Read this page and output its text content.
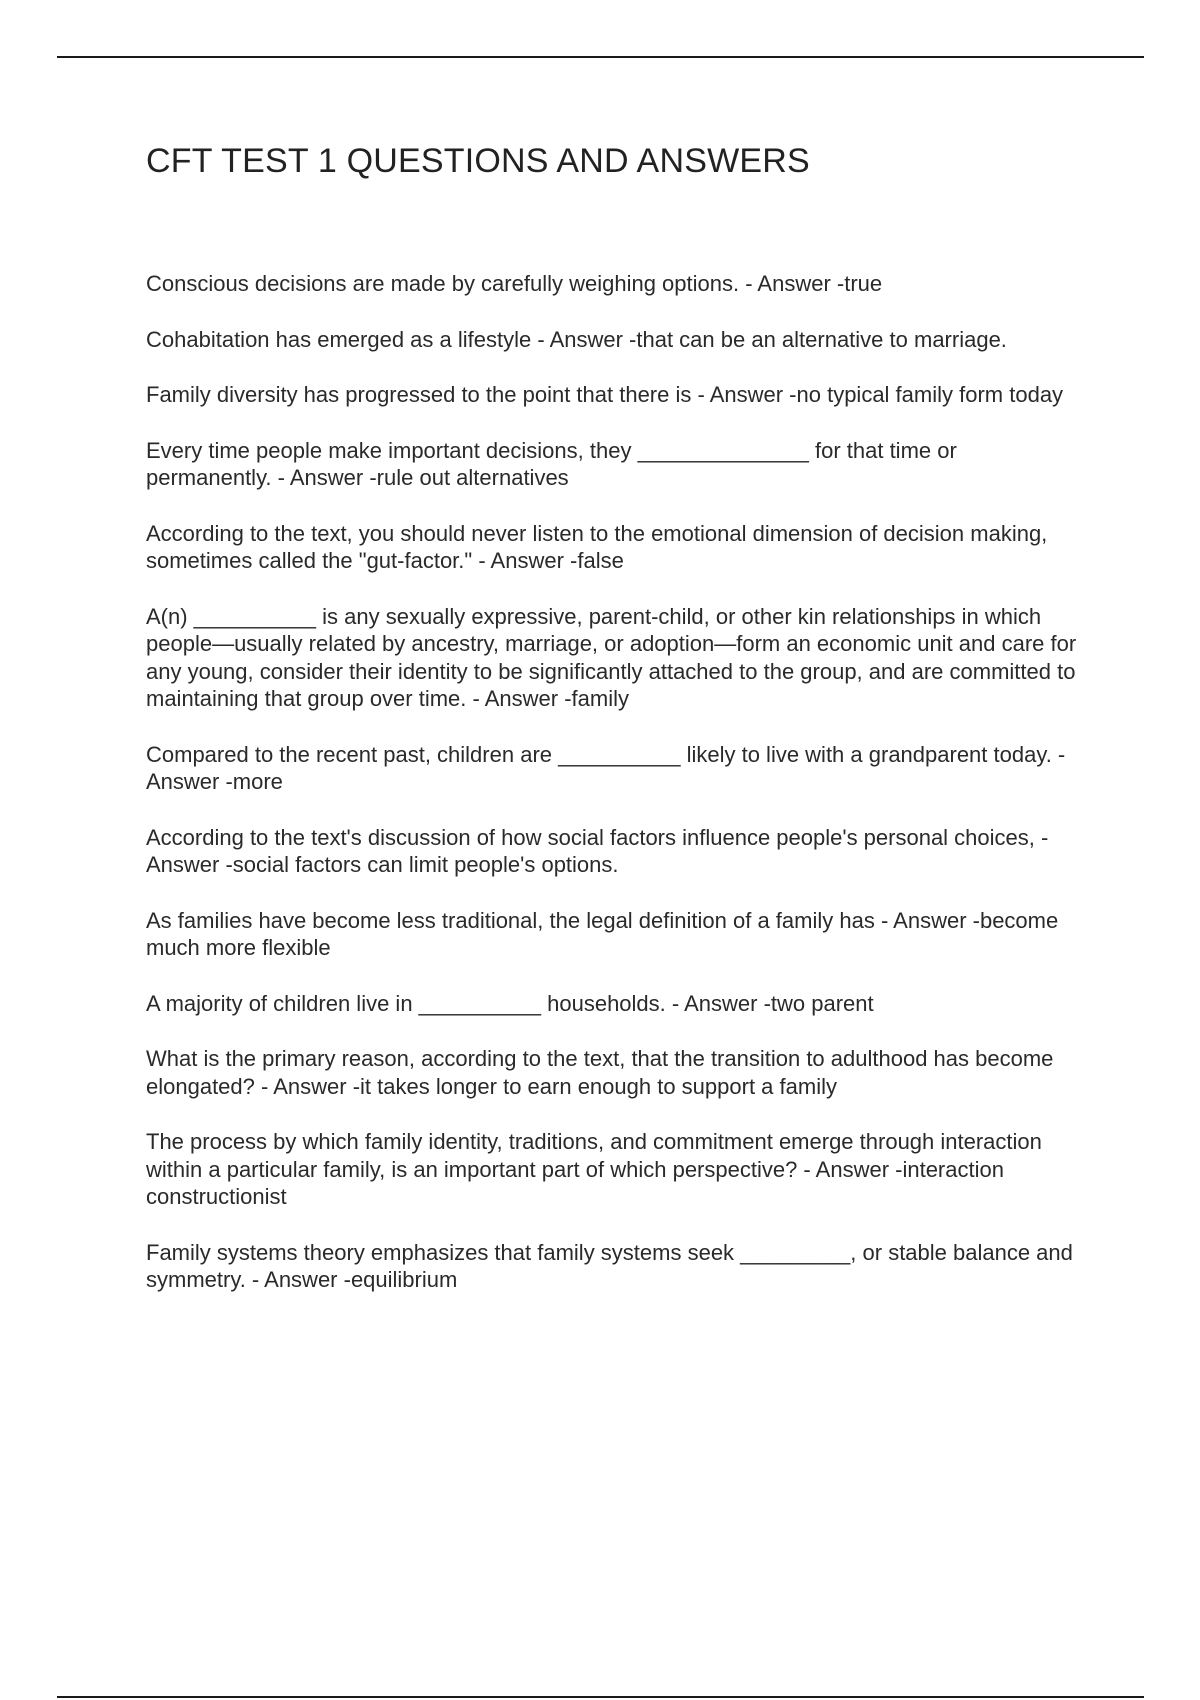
CFT TEST 1 QUESTIONS AND ANSWERS
Conscious decisions are made by carefully weighing options. - Answer -true
Cohabitation has emerged as a lifestyle - Answer -that can be an alternative to marriage.
Family diversity has progressed to the point that there is - Answer -no typical family form today
Every time people make important decisions, they ______________ for that time or permanently. - Answer -rule out alternatives
According to the text, you should never listen to the emotional dimension of decision making, sometimes called the "gut-factor." - Answer -false
A(n) __________ is any sexually expressive, parent-child, or other kin relationships in which people—usually related by ancestry, marriage, or adoption—form an economic unit and care for any young, consider their identity to be significantly attached to the group, and are committed to maintaining that group over time. - Answer -family
Compared to the recent past, children are __________ likely to live with a grandparent today. - Answer -more
According to the text's discussion of how social factors influence people's personal choices, - Answer -social factors can limit people's options.
As families have become less traditional, the legal definition of a family has - Answer -become much more flexible
A majority of children live in __________ households. - Answer -two parent
What is the primary reason, according to the text, that the transition to adulthood has become elongated? - Answer -it takes longer to earn enough to support a family
The process by which family identity, traditions, and commitment emerge through interaction within a particular family, is an important part of which perspective? - Answer -interaction constructionist
Family systems theory emphasizes that family systems seek _________, or stable balance and symmetry. - Answer -equilibrium
